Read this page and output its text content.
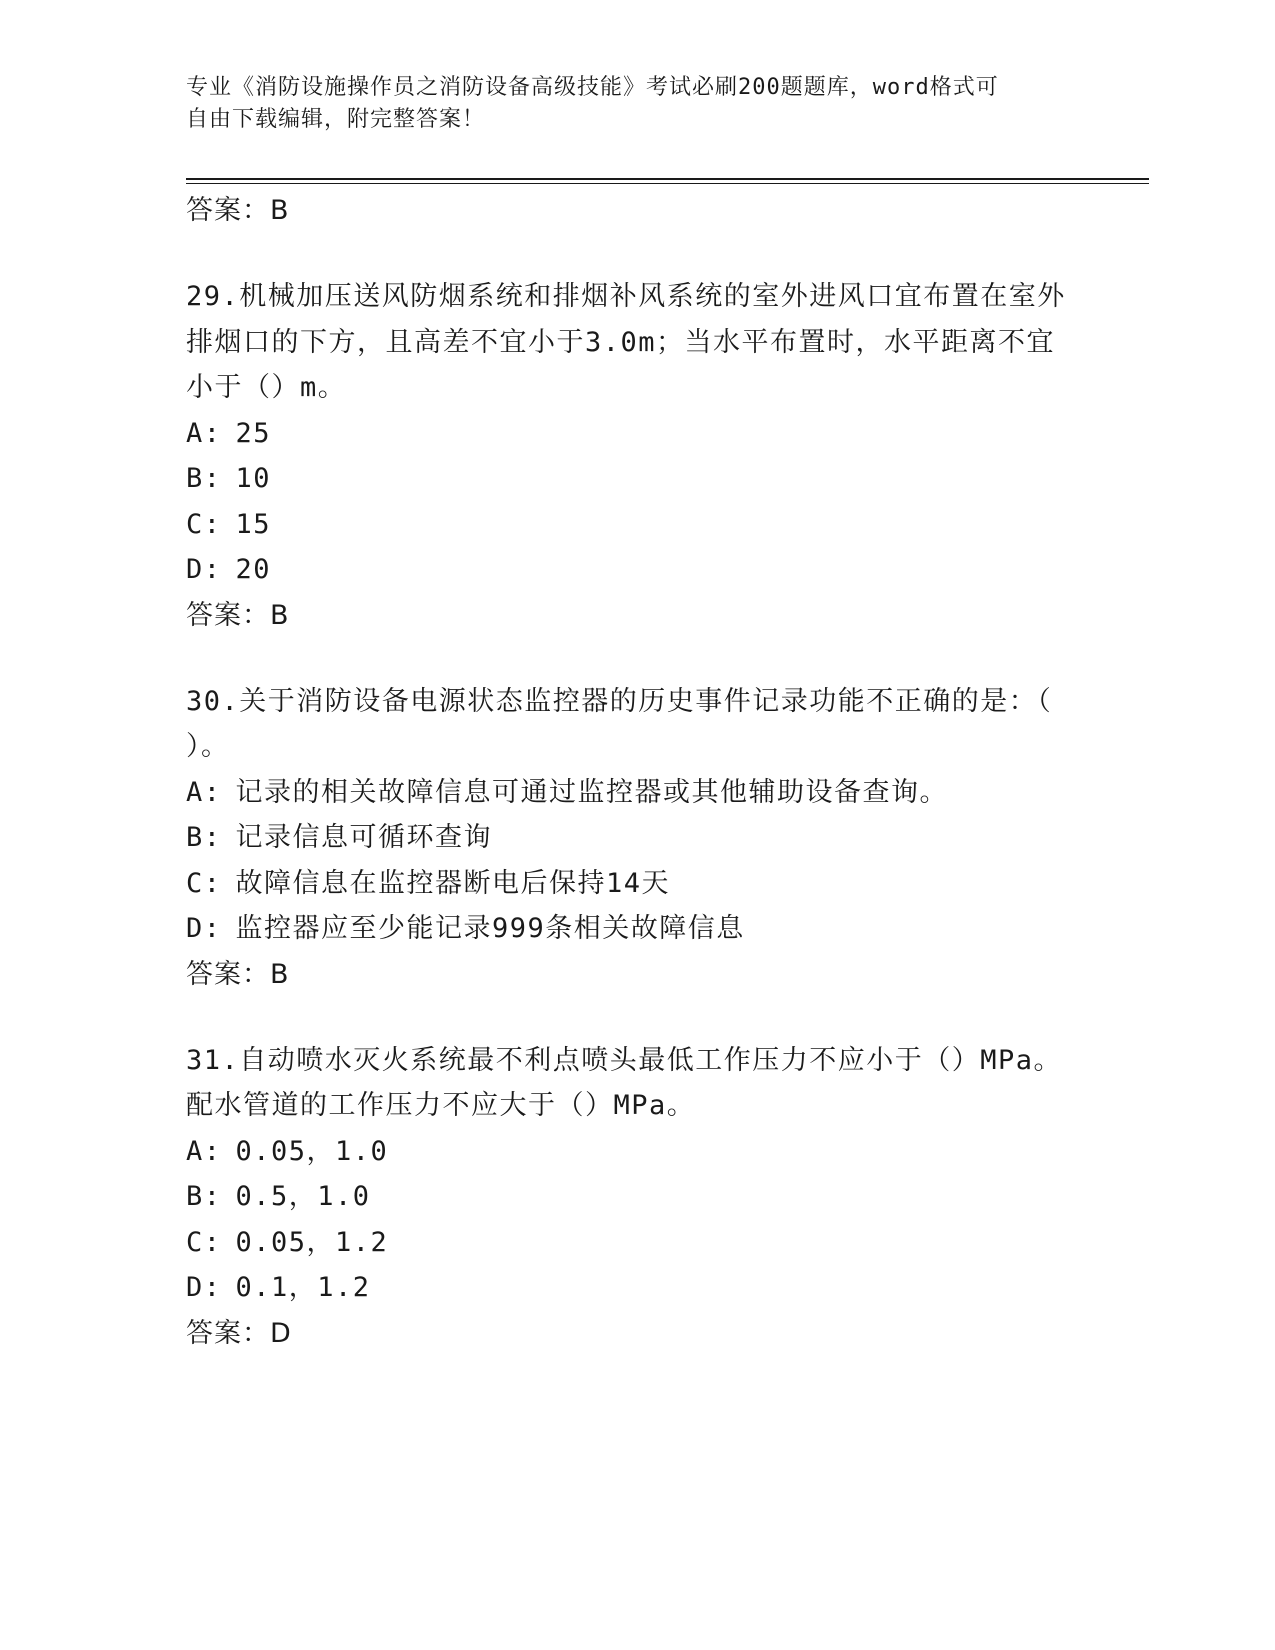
专业《消防设施操作员之消防设备高级技能》考试必刷200题题库，word格式可
自由下载编辑，附完整答案！
答案：B
29.机械加压送风防烟系统和排烟补风系统的室外进风口宜布置在室外
排烟口的下方，且高差不宜小于3.0m；当水平布置时，水平距离不宜
小于（）m。
A: 25
B: 10
C: 15
D: 20
答案：B
30.关于消防设备电源状态监控器的历史事件记录功能不正确的是：（
）。
A: 记录的相关故障信息可通过监控器或其他辅助设备查询。
B: 记录信息可循环查询
C: 故障信息在监控器断电后保持14天
D: 监控器应至少能记录999条相关故障信息
答案：B
31.自动喷水灭火系统最不利点喷头最低工作压力不应小于（）MPa。
配水管道的工作压力不应大于（）MPa。
A: 0.05，1.0
B: 0.5，1.0
C: 0.05，1.2
D: 0.1，1.2
答案：D
